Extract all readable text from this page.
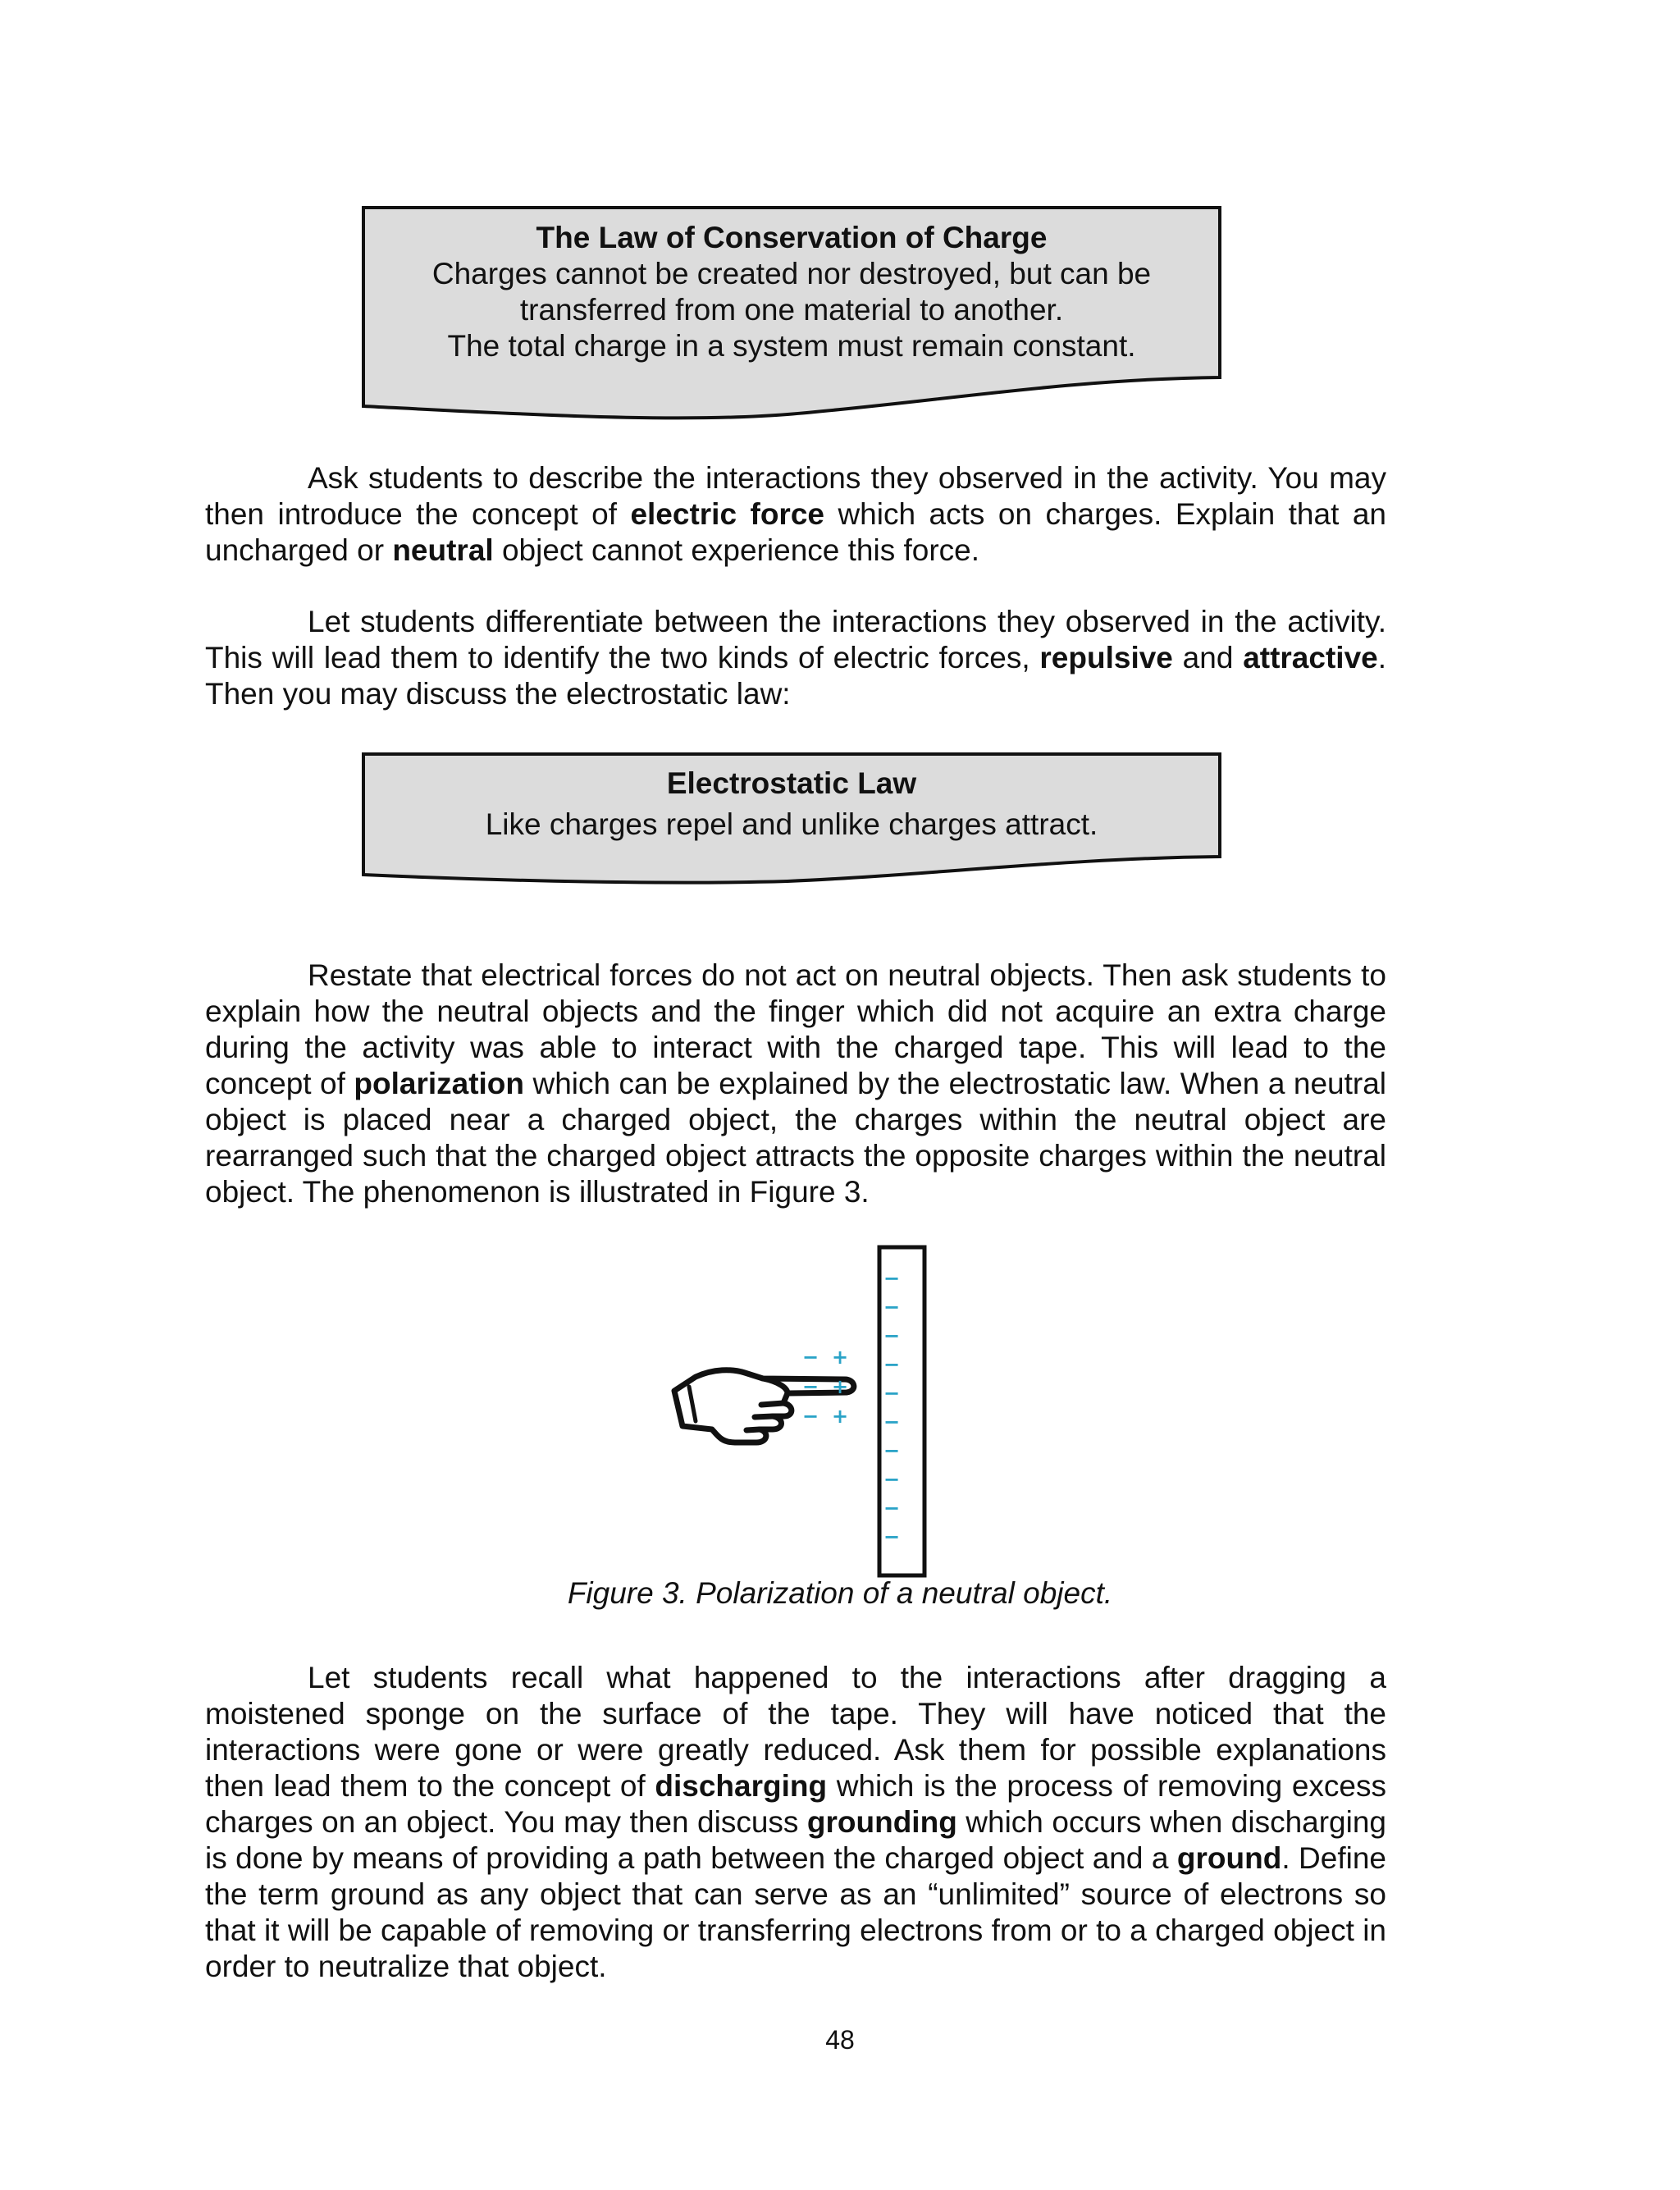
The Law of Conservation of Charge
Charges cannot be created nor destroyed, but can be
transferred from one material to another.
The total charge in a system must remain constant.

Ask students to describe the interactions they observed in the activity. You may then introduce the concept of electric force which acts on charges. Explain that an uncharged or neutral object cannot experience this force.

Let students differentiate between the interactions they observed in the activity. This will lead them to identify the two kinds of electric forces, repulsive and attractive. Then you may discuss the electrostatic law:

Electrostatic Law
Like charges repel and unlike charges attract.

Restate that electrical forces do not act on neutral objects. Then ask students to explain how the neutral objects and the finger which did not acquire an extra charge during the activity was able to interact with the charged tape. This will lead to the concept of polarization which can be explained by the electrostatic law. When a neutral object is placed near a charged object, the charges within the neutral object are rearranged such that the charged object attracts the opposite charges within the neutral object. The phenomenon is illustrated in Figure 3.

−
−
−
−
−
−
−
−
−
−
− +
− +
− +
Figure 3. Polarization of a neutral object.

Let students recall what happened to the interactions after dragging a moistened sponge on the surface of the tape. They will have noticed that the interactions were gone or were greatly reduced. Ask them for possible explanations then lead them to the concept of discharging which is the process of removing excess charges on an object. You may then discuss grounding which occurs when discharging is done by means of providing a path between the charged object and a ground. Define the term ground as any object that can serve as an “unlimited” source of electrons so that it will be capable of removing or transferring electrons from or to a charged object in order to neutralize that object.

48
